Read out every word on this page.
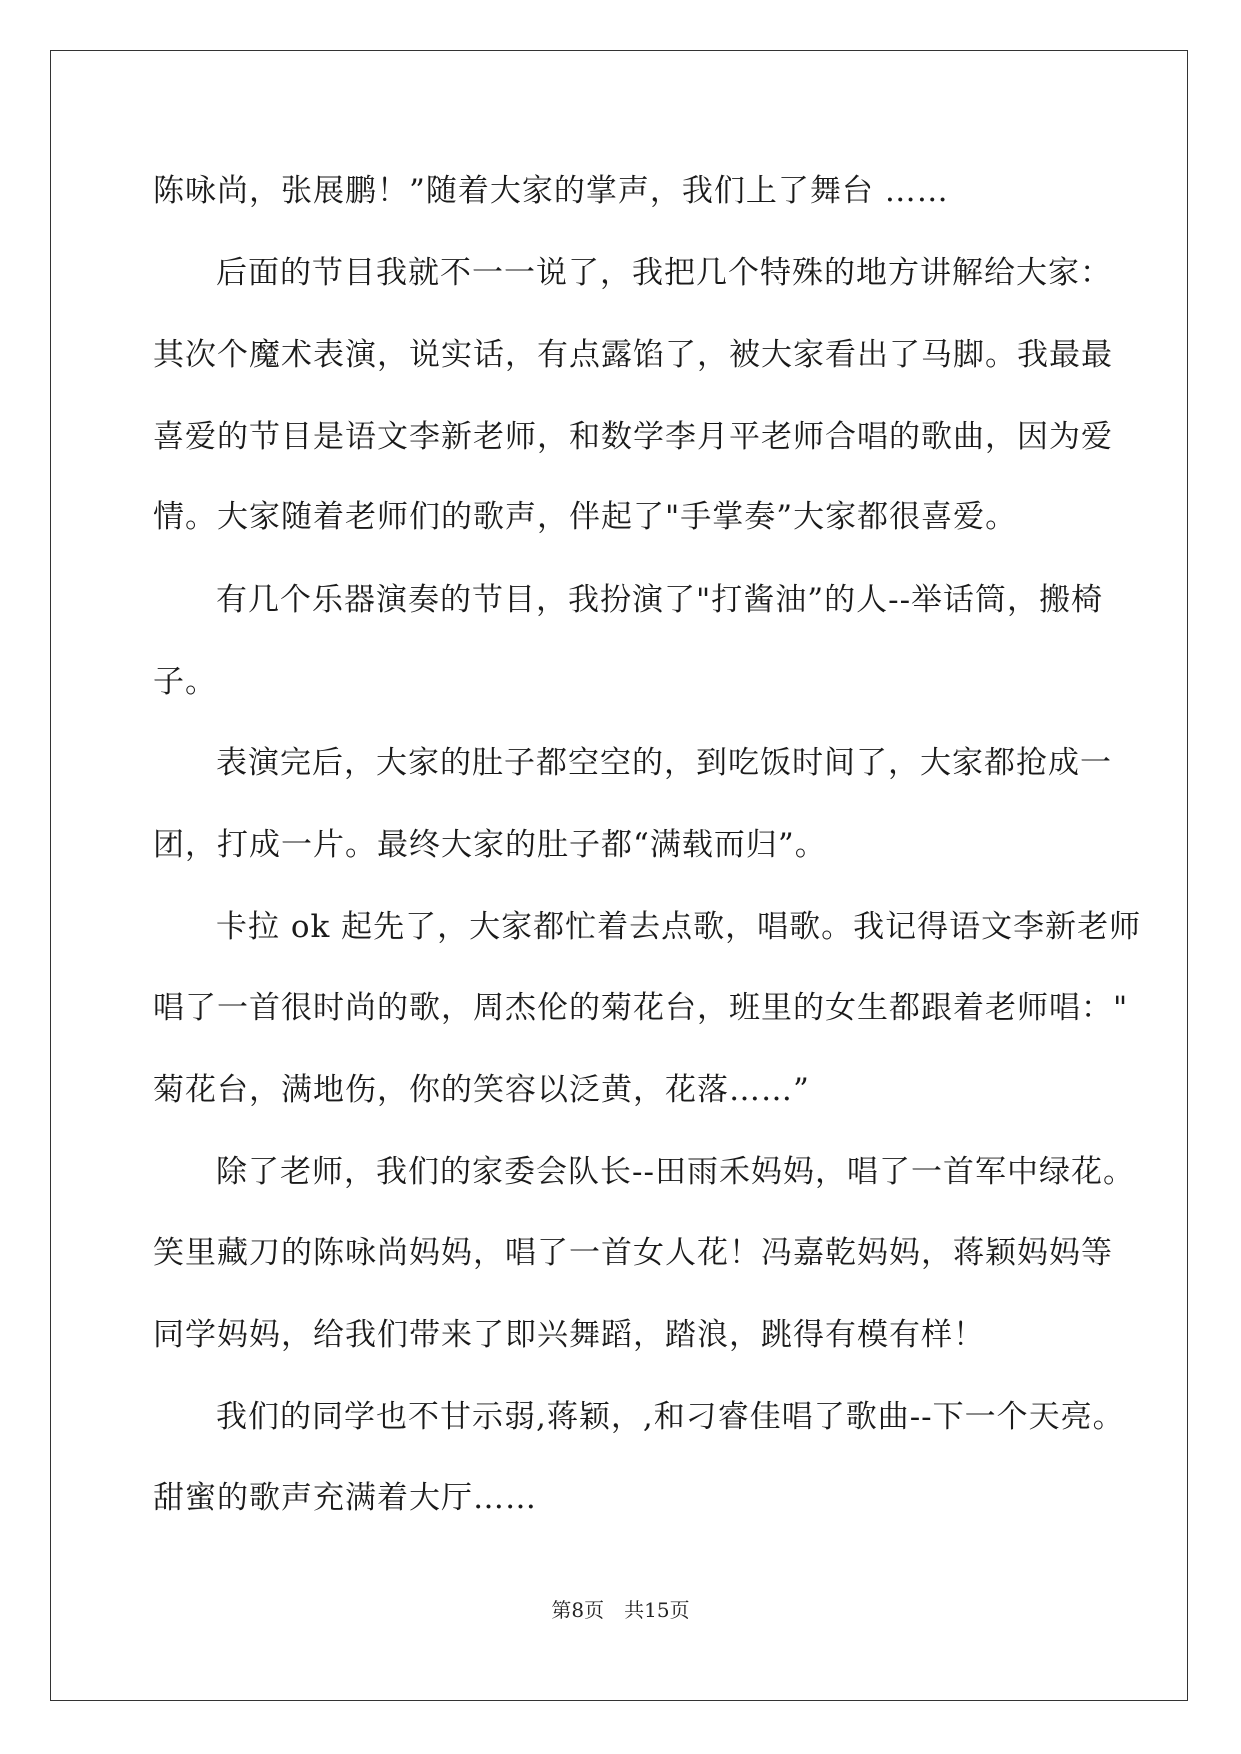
陈咏尚，张展鹏！”随着大家的掌声，我们上了舞台 ……
后面的节目我就不一一说了，我把几个特殊的地方讲解给大家：
其次个魔术表演，说实话，有点露馅了，被大家看出了马脚。我最最
喜爱的节目是语文李新老师，和数学李月平老师合唱的歌曲，因为爱
情。大家随着老师们的歌声，伴起了"手掌奏”大家都很喜爱。
有几个乐器演奏的节目，我扮演了"打酱油”的人--举话筒，搬椅
子。
表演完后，大家的肚子都空空的，到吃饭时间了，大家都抢成一
团，打成一片。最终大家的肚子都“满载而归”。
卡拉 ok 起先了，大家都忙着去点歌，唱歌。我记得语文李新老师
唱了一首很时尚的歌，周杰伦的菊花台，班里的女生都跟着老师唱："
菊花台，满地伤，你的笑容以泛黄，花落……”
除了老师，我们的家委会队长--田雨禾妈妈，唱了一首军中绿花。
笑里藏刀的陈咏尚妈妈，唱了一首女人花！冯嘉乾妈妈，蒋颖妈妈等
同学妈妈，给我们带来了即兴舞蹈，踏浪，跳得有模有样！
我们的同学也不甘示弱,蒋颖，,和刁睿佳唱了歌曲--下一个天亮。
甜蜜的歌声充满着大厅……
第8页 共15页
